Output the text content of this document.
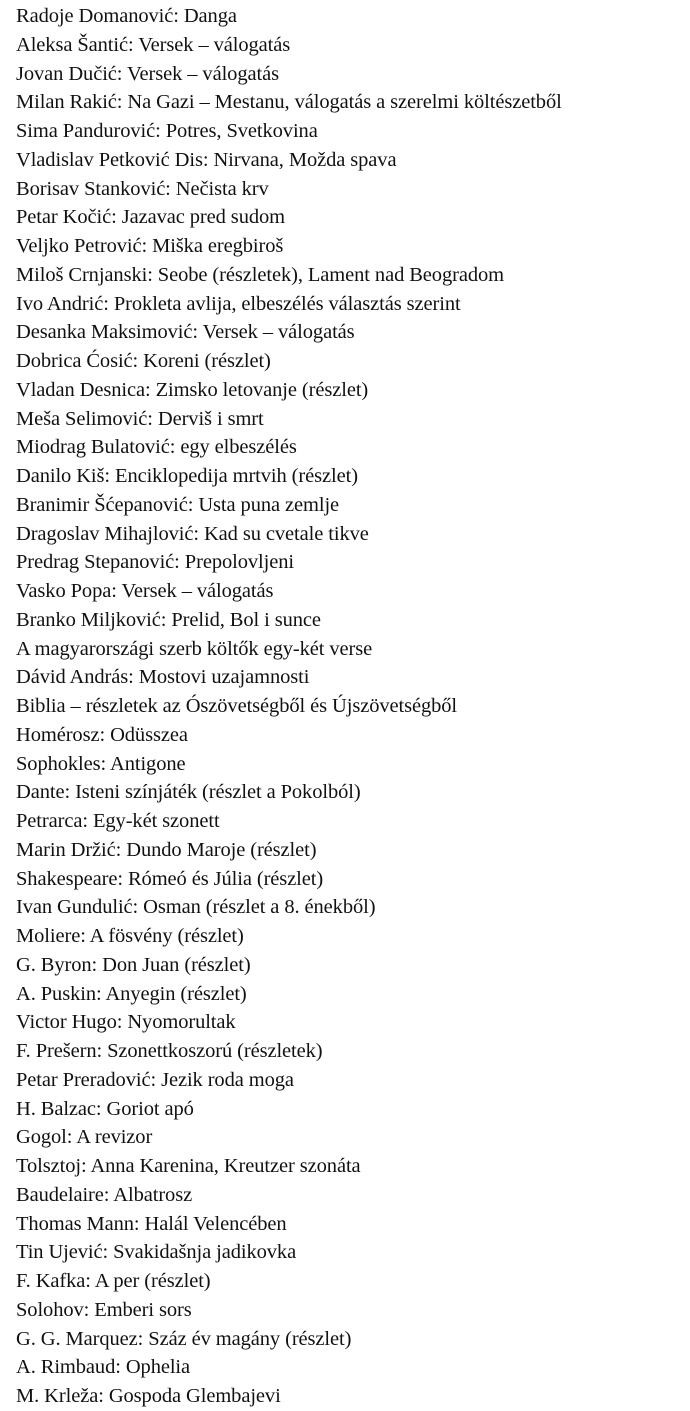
Radoje Domanović: Danga
Aleksa Šantić: Versek – válogatás
Jovan Dučić: Versek – válogatás
Milan Rakić: Na Gazi – Mestanu, válogatás a szerelmi költészetből
Sima Pandurović: Potres, Svetkovina
Vladislav Petković Dis: Nirvana, Možda spava
Borisav Stanković: Nečista krv
Petar Kočić: Jazavac pred sudom
Veljko Petrović: Miška eregbiroš
Miloš Crnjanski: Seobe (részletek), Lament nad Beogradom
Ivo Andrić: Prokleta avlija, elbeszélés választás szerint
Desanka Maksimović: Versek – válogatás
Dobrica Ćosić: Koreni (részlet)
Vladan Desnica: Zimsko letovanje (részlet)
Meša Selimović: Derviš i smrt
Miodrag Bulatović: egy elbeszélés
Danilo Kiš: Enciklopedija mrtvih (részlet)
Branimir Šćepanović: Usta puna zemlje
Dragoslav Mihajlović: Kad su cvetale tikve
Predrag Stepanović: Prepolovljeni
Vasko Popa: Versek – válogatás
Branko Miljković: Prelid, Bol i sunce
A magyarországi szerb költők egy-két verse
Dávid András: Mostovi uzajamnosti
Biblia – részletek az Ószövetségből és Újszövetségből
Homérosz: Odüsszea
Sophokles: Antigone
Dante: Isteni színjáték (részlet a Pokolból)
Petrarca: Egy-két szonett
Marin Držić: Dundo Maroje (részlet)
Shakespeare: Rómeó és Júlia (részlet)
Ivan Gundulić: Osman (részlet a 8. énekből)
Moliere: A fösvény (részlet)
G. Byron: Don Juan (részlet)
A. Puskin: Anyegin (részlet)
Victor Hugo: Nyomorultak
F. Prešern: Szonettkoszorú (részletek)
Petar Preradović: Jezik roda moga
H. Balzac: Goriot apó
Gogol: A revizor
Tolsztoj: Anna Karenina, Kreutzer szonáta
Baudelaire: Albatrosz
Thomas Mann: Halál Velencében
Tin Ujević: Svakidašnja jadikovka
F. Kafka: A per (részlet)
Solohov: Emberi sors
G. G. Marquez: Száz év magány (részlet)
A. Rimbaud: Ophelia
M. Krleža: Gospoda Glembajevi
